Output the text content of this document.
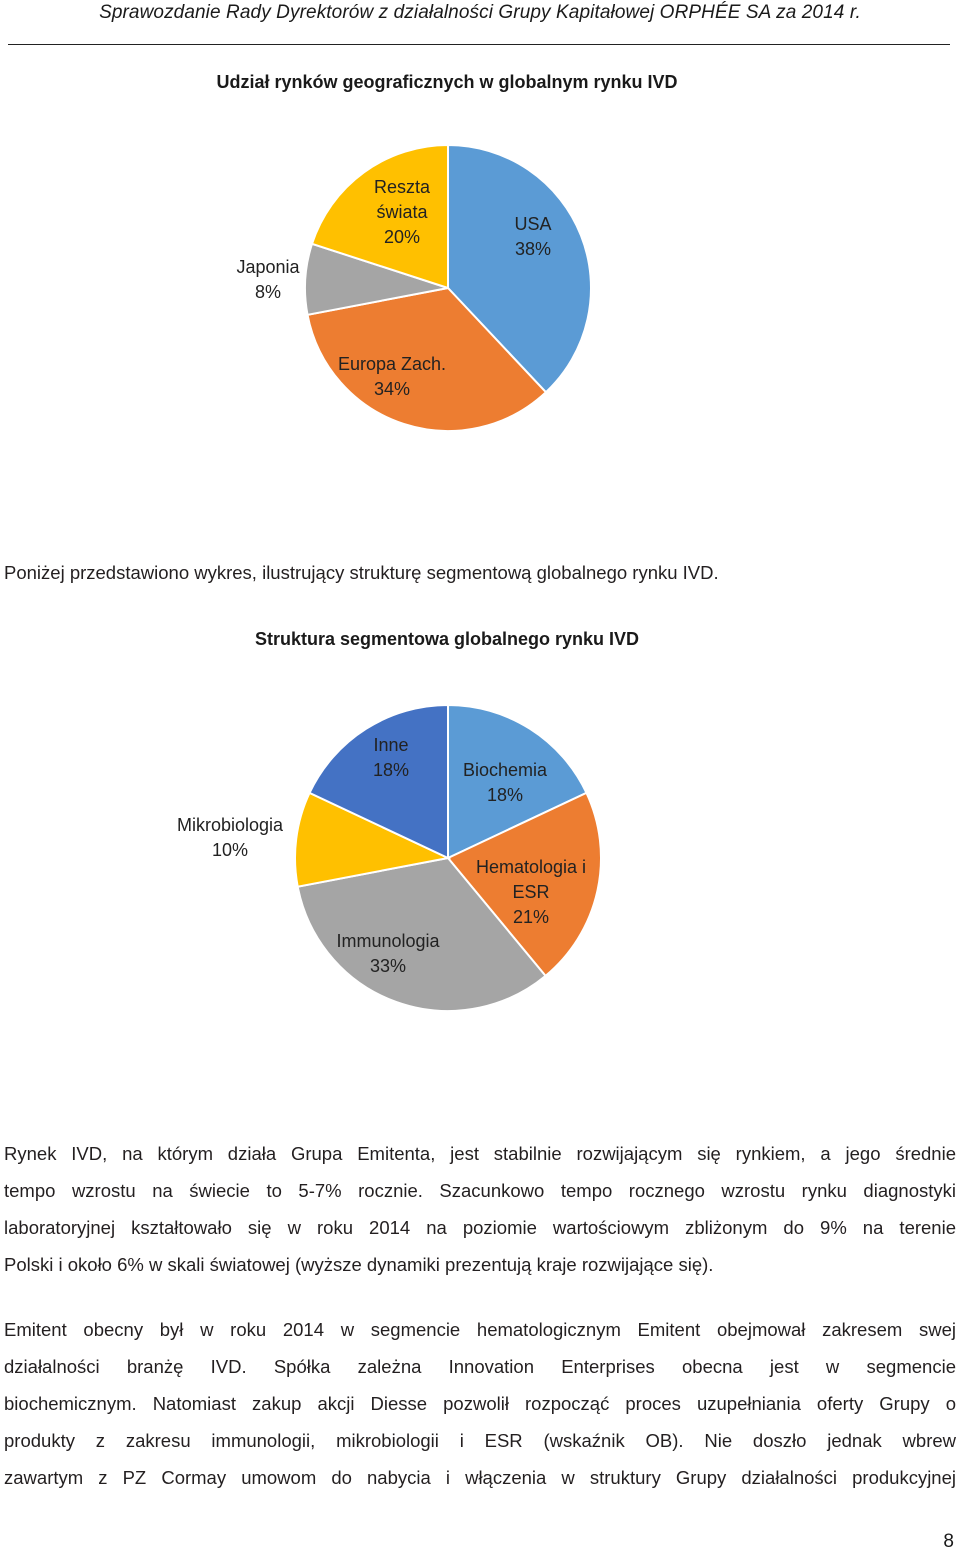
Sprawozdanie Rady Dyrektorów z działalności Grupy Kapitałowej ORPHÉE SA za 2014 r.
Udział rynków geograficznych w globalnym rynku IVD
USA 38%
Europa Zach. 34%
Japonia 8%
Reszta świata 20%
Poniżej przedstawiono wykres, ilustrujący strukturę segmentową globalnego rynku IVD.
Struktura segmentowa globalnego rynku IVD
Biochemia 18%
Hematologia i ESR 21%
Immunologia 33%
Mikrobiologia 10%
Inne 18%
Rynek IVD, na którym działa Grupa Emitenta, jest stabilnie rozwijającym się rynkiem, a jego średnie
tempo wzrostu na świecie to 5-7% rocznie. Szacunkowo tempo rocznego wzrostu rynku diagnostyki
laboratoryjnej kształtowało się w roku 2014 na poziomie wartościowym zbliżonym do 9% na terenie
Polski i około 6% w skali światowej (wyższe dynamiki prezentują kraje rozwijające się).
Emitent obecny był w roku 2014 w segmencie hematologicznym Emitent obejmował zakresem swej
działalności branżę IVD. Spółka zależna Innovation Enterprises obecna jest w segmencie
biochemicznym. Natomiast zakup akcji Diesse pozwolił rozpocząć proces uzupełniania oferty Grupy o
produkty z zakresu immunologii, mikrobiologii i ESR (wskaźnik OB). Nie doszło jednak wbrew
zawartym z PZ Cormay umowom do nabycia i włączenia w struktury Grupy działalności produkcyjnej
8
